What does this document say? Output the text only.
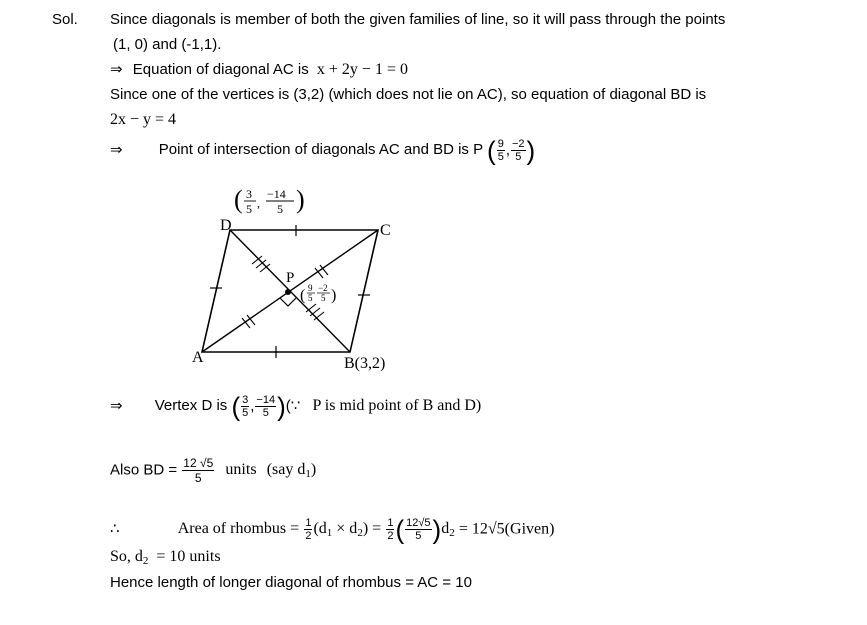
Sol. Since diagonals is member of both the given families of line, so it will pass through the points
(1, 0) and (-1,1).
⇒ Equation of diagonal AC is x + 2y − 1 = 0
Since one of the vertices is (3,2) (which does not lie on AC), so equation of diagonal BD is
2x − y = 4
⇒ Point of intersection of diagonals AC and BD is P ( $\frac{9}{5}$ , $\frac{-2}{5}$ )
D	C
A	B(3,2)
P
( 3
5 ,
−14
5 )
( 9
5
−2
5 )
⇒ Vertex D is ( $\frac{3}{5}$ , $\frac{-14}{5}$ )(∵ P is mid point of B and D)
Also BD = $\frac{12 √5}{5}$ units (say $d_1$)
∴	Area of rhombus = $\frac{1}{2} (d_1 \times d_2) = \frac{1}{2}$ ( $\frac{12√5}{5} )d_2$ = 12√5(Given)
So, $d_2 = 10$ units
Hence length of longer diagonal of rhombus = AC = 10
